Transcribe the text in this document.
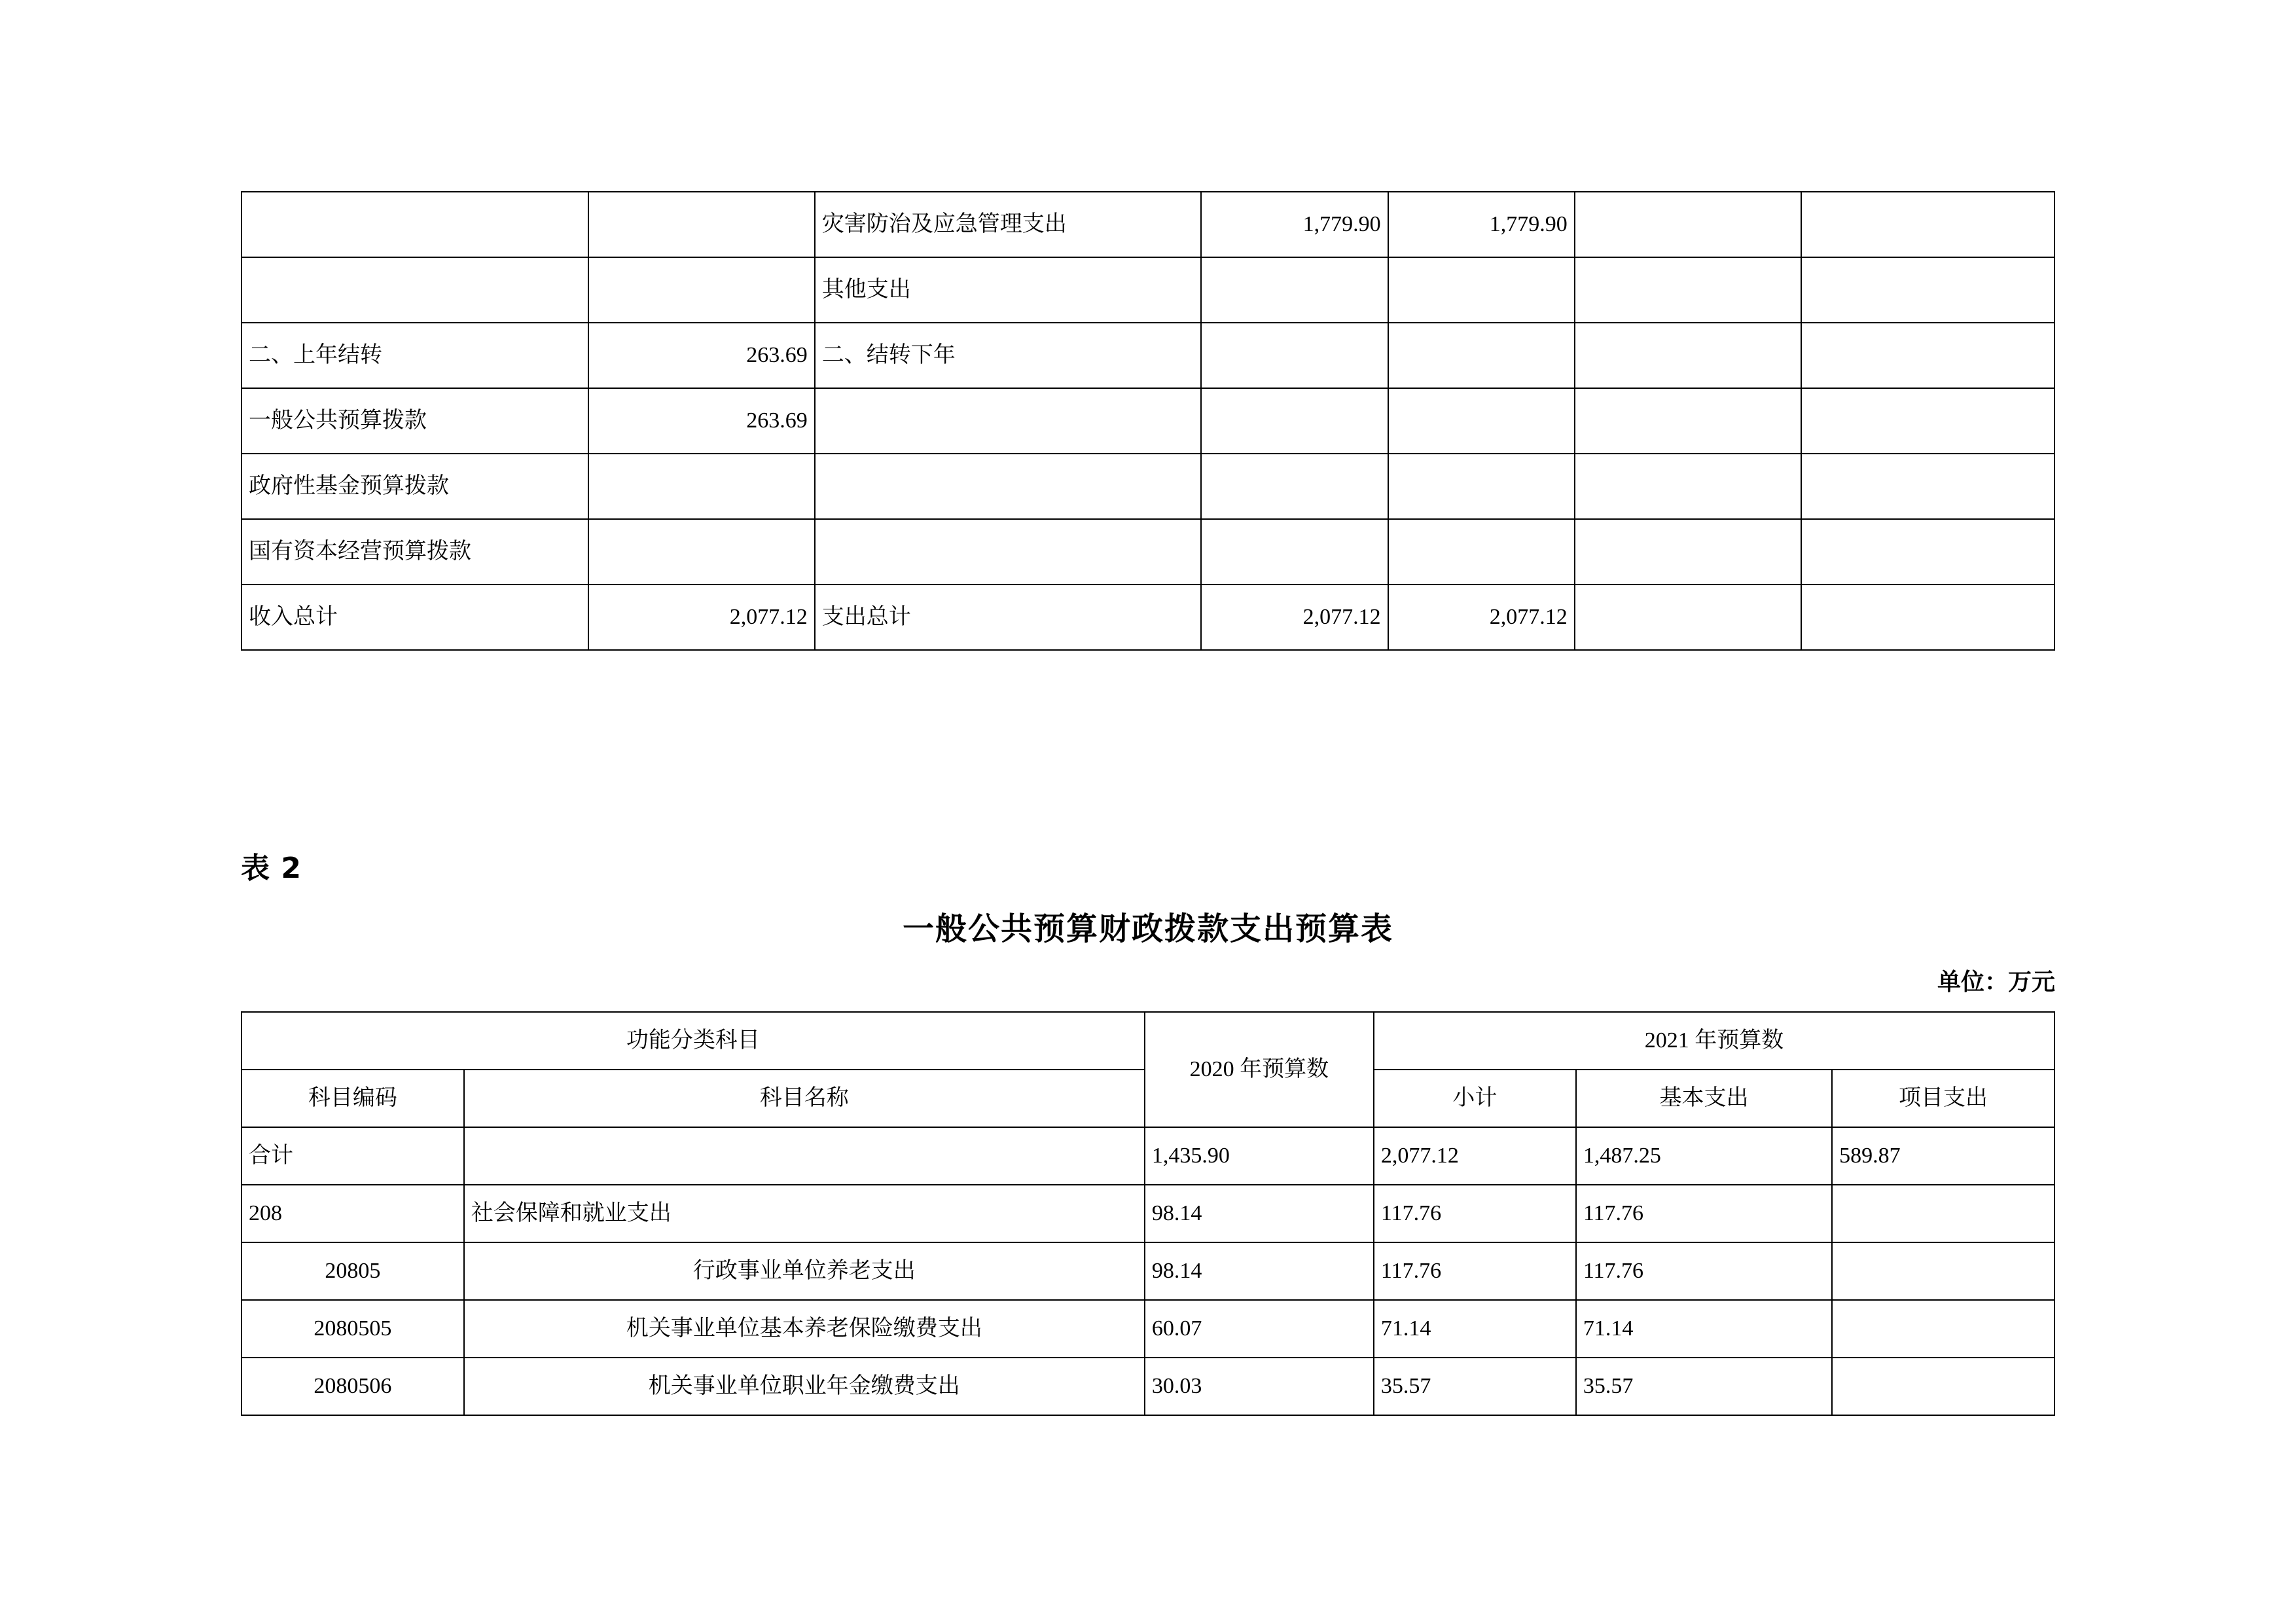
		灾害防治及应急管理支出	1,779.90	1,779.90		
		其他支出				
二、上年结转	263.69	二、结转下年				
一般公共预算拨款	263.69					
政府性基金预算拨款						
国有资本经营预算拨款						
收入总计	2,077.12	支出总计	2,077.12	2,077.12		
表 2
一般公共预算财政拨款支出预算表
单位：万元
功能分类科目		2020 年预算数	2021 年预算数		
科目编码	科目名称		小计	基本支出	项目支出
合计		1,435.90	2,077.12	1,487.25	589.87
208	社会保障和就业支出	98.14	117.76	117.76	
20805	行政事业单位养老支出	98.14	117.76	117.76	
2080505	机关事业单位基本养老保险缴费支出	60.07	71.14	71.14	
2080506	机关事业单位职业年金缴费支出	30.03	35.57	35.57	
